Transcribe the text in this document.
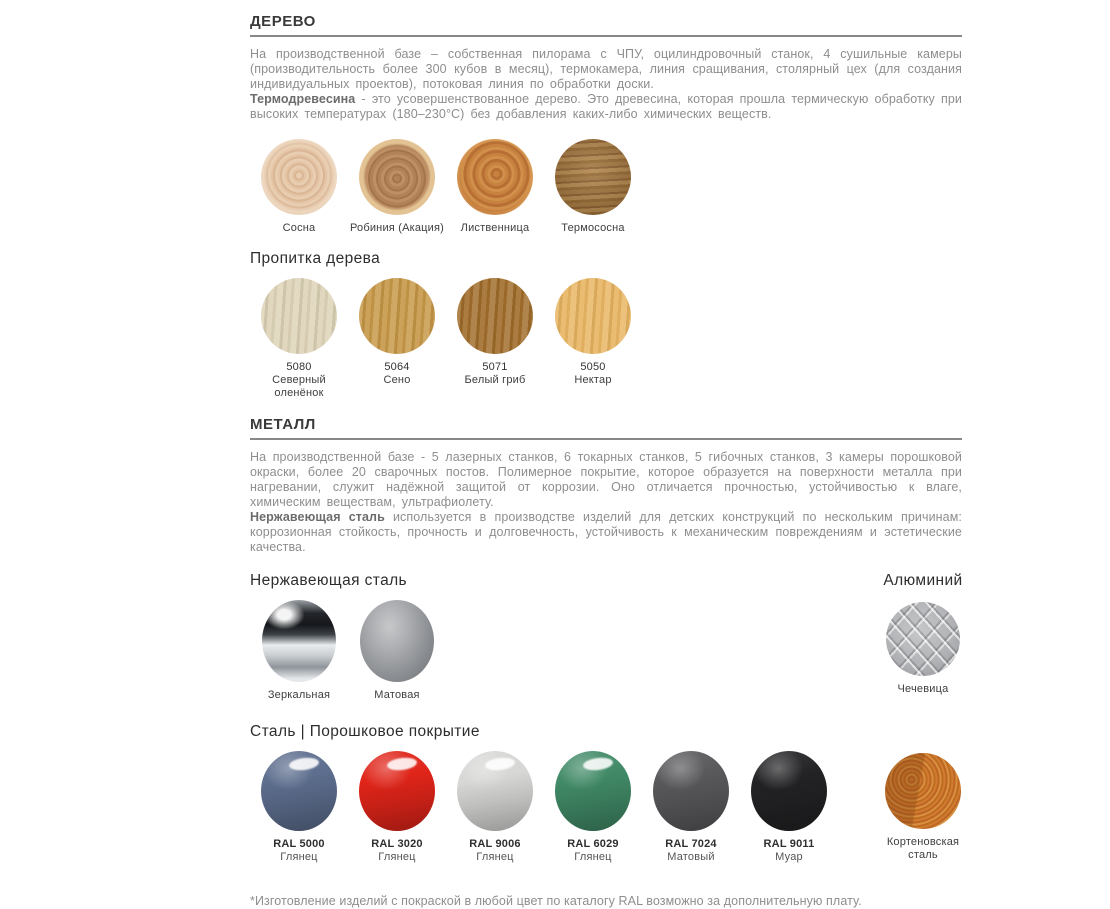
ДЕРЕВО

На производственной базе – собственная пилорама с ЧПУ, оцилиндровочный станок, 4 сушильные камеры (производительность более 300 кубов в месяц), термокамера, линия сращивания, столярный цех (для создания индивидуальных проектов), потоковая линия по обработки доски.

Термодревесина - это усовершенствованное дерево. Это древесина, которая прошла термическую обработку при высоких температурах (180–230°С) без добавления каких-либо химических веществ.

Сосна	Робиния (Акация) Лиственница	Термососна
Пропитка дерева
5080
Северный оленёнок
5064
Сено
5071
Белый гриб
5050
Нектар
МЕТАЛЛ

На производственной базе - 5 лазерных станков, 6 токарных станков, 5 гибочных станков, 3 камеры порошковой окраски, более 20 сварочных постов. Полимерное покрытие, которое образуется на поверхности металла при нагревании, служит надёжной защитой от коррозии. Оно отличается прочностью, устойчивостью к влаге, химическим веществам, ультрафиолету.

Нержавеющая сталь используется в производстве изделий для детских конструкций по нескольким причинам: коррозионная стойкость, прочность и долговечность, устойчивость к механическим повреждениям и эстетические качества.

Нержавеющая сталь
Зеркальная	Матовая
Алюминий
Чечевица
Сталь | Порошковое покрытие
RAL 5000
Глянец
RAL 3020
Глянец
RAL 9006
Глянец
RAL 6029
Глянец
RAL 7024
Матовый
RAL 9011
Муар
Кортеновская сталь
*Изготовление изделий с покраской в любой цвет по каталогу RAL возможно за дополнительную плату.
